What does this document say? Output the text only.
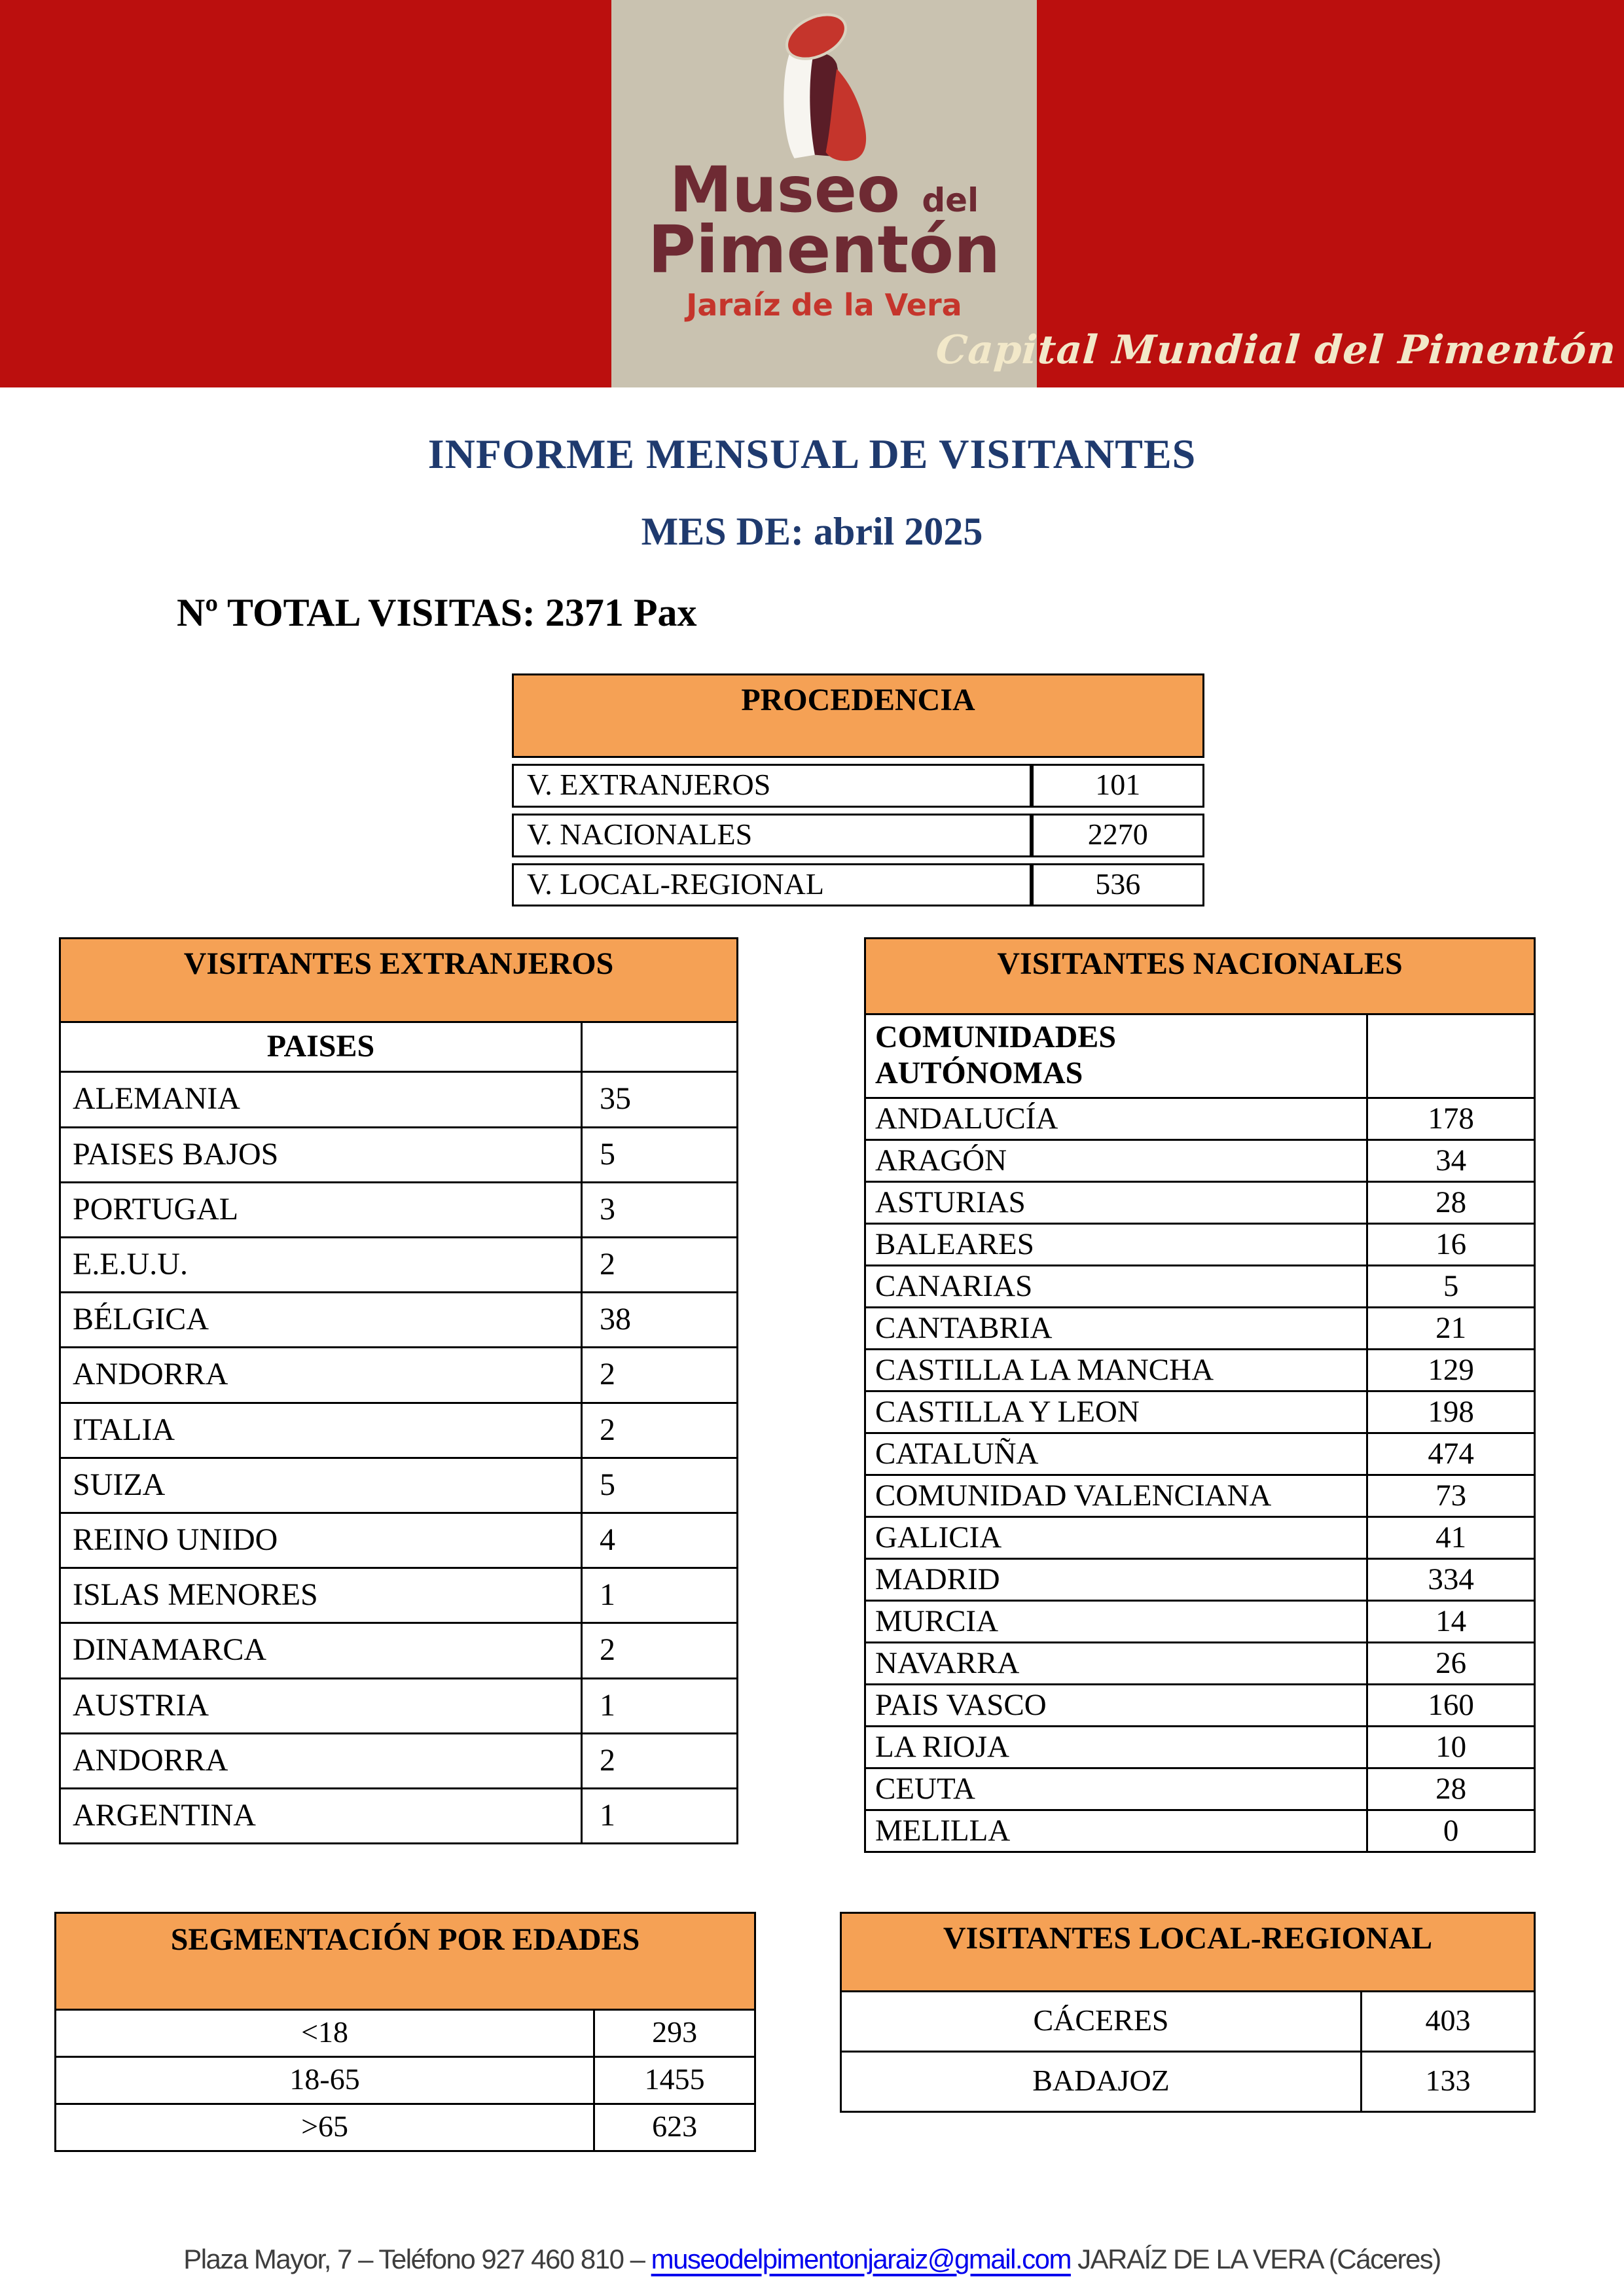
Museo del
Pimentón
Jaraíz de la Vera
Capital Mundial del Pimentón
INFORME MENSUAL DE VISITANTES
MES DE: abril 2025
Nº TOTAL VISITAS: 2371 Pax
PROCEDENCIA	
V. EXTRANJEROS	101
V. NACIONALES	2270
V. LOCAL-REGIONAL	536
VISITANTES EXTRANJEROS	
PAISES	
ALEMANIA	35
PAISES BAJOS	5
PORTUGAL	3
E.E.U.U.	2
BÉLGICA	38
ANDORRA	2
ITALIA	2
SUIZA	5
REINO UNIDO	4
ISLAS MENORES	1
DINAMARCA	2
AUSTRIA	1
ANDORRA	2
ARGENTINA	1
VISITANTES NACIONALES	

COMUNIDADES
AUTÓNOMAS	

ANDALUCÍA	178
ARAGÓN	34
ASTURIAS	28
BALEARES	16
CANARIAS	5
CANTABRIA	21
CASTILLA LA MANCHA	129
CASTILLA Y LEON	198
CATALUÑA	474
COMUNIDAD VALENCIANA	73
GALICIA	41
MADRID	334
MURCIA	14
NAVARRA	26
PAIS VASCO	160
LA RIOJA	10
CEUTA	28
MELILLA	0
SEGMENTACIÓN POR EDADES	
<18	293
18-65	1455
>65	623
VISITANTES LOCAL-REGIONAL	
CÁCERES	403
BADAJOZ	133
Plaza Mayor, 7 – Teléfono 927 460 810 – museodelpimentonjaraiz@gmail.com JARAÍZ DE LA VERA (Cáceres)
